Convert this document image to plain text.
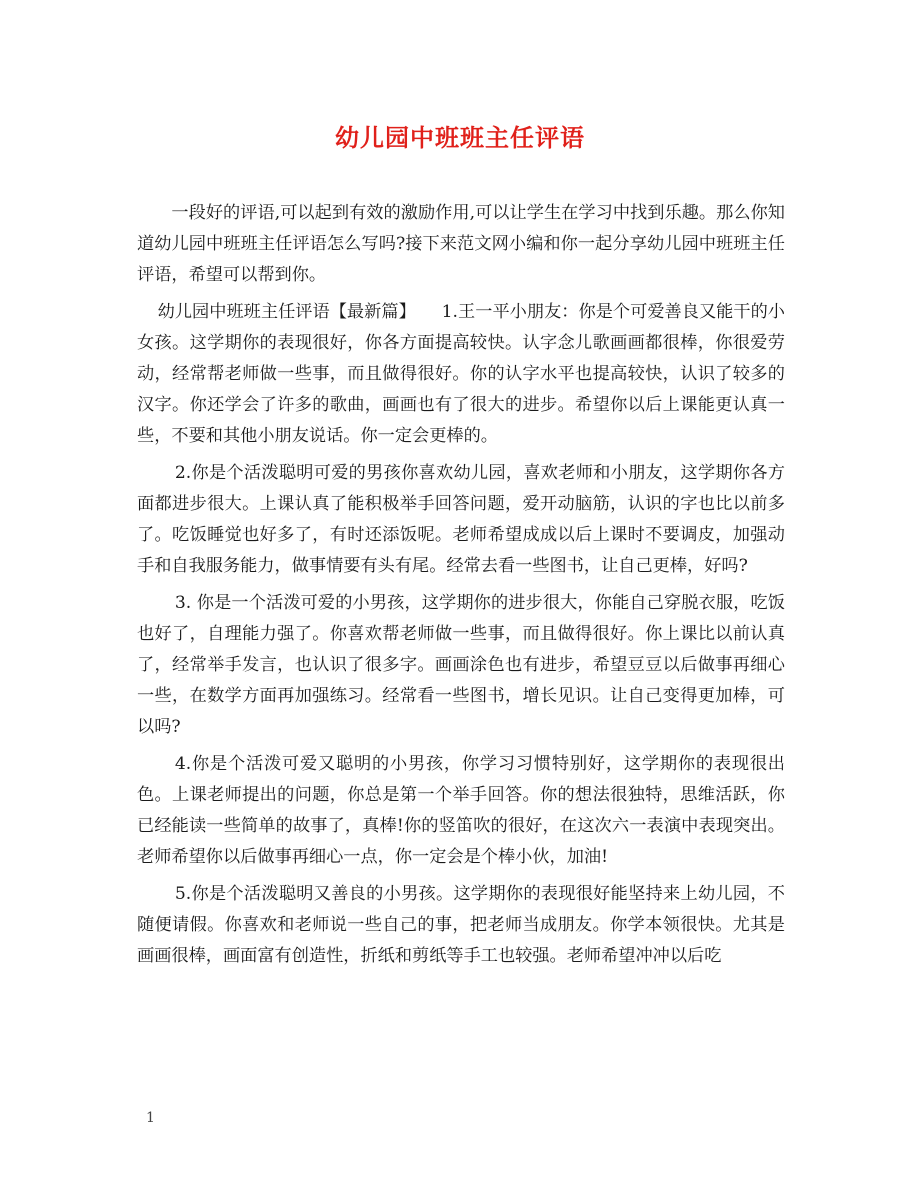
幼儿园中班班主任评语

一段好的评语,可以起到有效的激励作用,可以让学生在学习中找到乐趣。那么你知道幼儿园中班班主任评语怎么写吗?接下来范文网小编和你一起分享幼儿园中班班主任评语，希望可以帮到你。

幼儿园中班班主任评语【最新篇】　　1.王一平小朋友：你是个可爱善良又能干的小女孩。这学期你的表现很好，你各方面提高较快。认字念儿歌画画都很棒，你很爱劳动，经常帮老师做一些事，而且做得很好。你的认字水平也提高较快，认识了较多的汉字。你还学会了许多的歌曲，画画也有了很大的进步。希望你以后上课能更认真一些，不要和其他小朋友说话。你一定会更棒的。

2.你是个活泼聪明可爱的男孩你喜欢幼儿园，喜欢老师和小朋友，这学期你各方面都进步很大。上课认真了能积极举手回答问题，爱开动脑筋，认识的字也比以前多了。吃饭睡觉也好多了，有时还添饭呢。老师希望成成以后上课时不要调皮，加强动手和自我服务能力，做事情要有头有尾。经常去看一些图书，让自己更棒，好吗?

3. 你是一个活泼可爱的小男孩，这学期你的进步很大，你能自己穿脱衣服，吃饭也好了，自理能力强了。你喜欢帮老师做一些事，而且做得很好。你上课比以前认真了，经常举手发言，也认识了很多字。画画涂色也有进步，希望豆豆以后做事再细心一些，在数学方面再加强练习。经常看一些图书，增长见识。让自己变得更加棒，可以吗?

4.你是个活泼可爱又聪明的小男孩，你学习习惯特别好，这学期你的表现很出色。上课老师提出的问题，你总是第一个举手回答。你的想法很独特，思维活跃，你已经能读一些简单的故事了，真棒!你的竖笛吹的很好，在这次六一表演中表现突出。老师希望你以后做事再细心一点，你一定会是个棒小伙，加油!

5.你是个活泼聪明又善良的小男孩。这学期你的表现很好能坚持来上幼儿园，不随便请假。你喜欢和老师说一些自己的事，把老师当成朋友。你学本领很快。尤其是画画很棒，画面富有创造性，折纸和剪纸等手工也较强。老师希望冲冲以后吃

1
